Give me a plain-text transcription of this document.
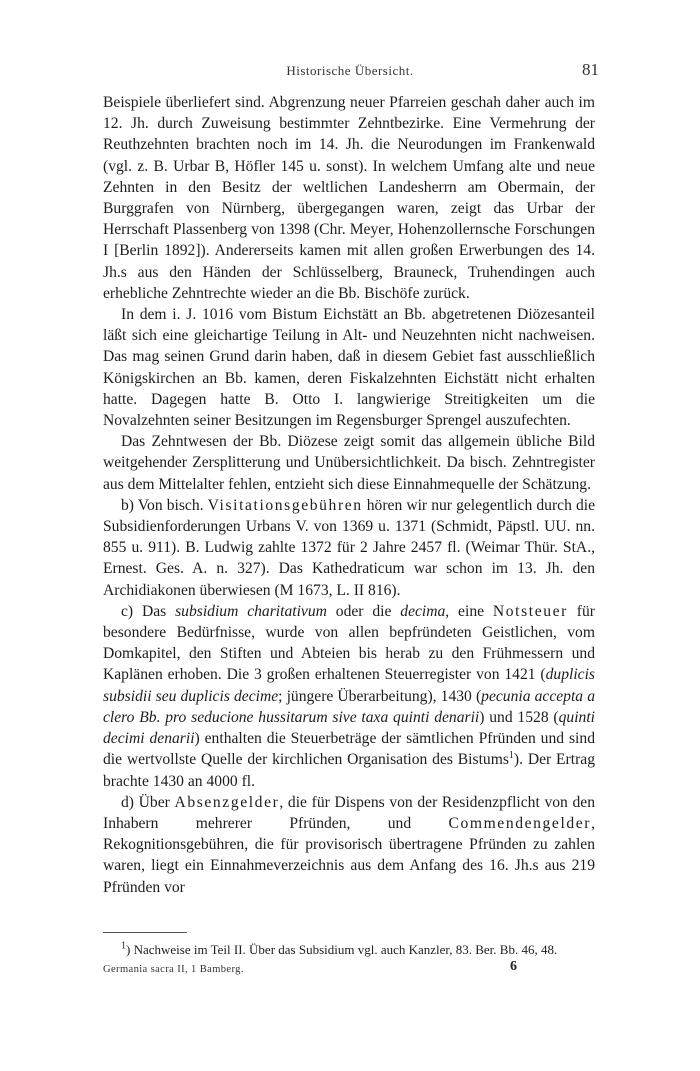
Historische Übersicht.	81

Beispiele überliefert sind. Abgrenzung neuer Pfarreien geschah daher auch im 12. Jh. durch Zuweisung bestimmter Zehntbezirke. Eine Vermehrung der Reuthzehnten brachten noch im 14. Jh. die Neurodungen im Frankenwald (vgl. z. B. Urbar B, Höfler 145 u. sonst). In welchem Umfang alte und neue Zehnten in den Besitz der weltlichen Landesherrn am Obermain, der Burggrafen von Nürnberg, übergegangen waren, zeigt das Urbar der Herrschaft Plassenberg von 1398 (Chr. Meyer, Hohenzollernsche Forschungen I [Berlin 1892]). Andererseits kamen mit allen großen Erwerbungen des 14. Jh.s aus den Händen der Schlüsselberg, Brauneck, Truhendingen auch erhebliche Zehntrechte wieder an die Bb. Bischöfe zurück.

In dem i. J. 1016 vom Bistum Eichstätt an Bb. abgetretenen Diözesanteil läßt sich eine gleichartige Teilung in Alt- und Neuzehnten nicht nachweisen. Das mag seinen Grund darin haben, daß in diesem Gebiet fast ausschließlich Königskirchen an Bb. kamen, deren Fiskalzehnten Eichstätt nicht erhalten hatte. Dagegen hatte B. Otto I. langwierige Streitigkeiten um die Novalzehnten seiner Besitzungen im Regensburger Sprengel auszufechten.

Das Zehntwesen der Bb. Diözese zeigt somit das allgemein übliche Bild weitgehender Zersplitterung und Unübersichtlichkeit. Da bisch. Zehntregister aus dem Mittelalter fehlen, entzieht sich diese Einnahmequelle der Schätzung.

b) Von bisch. Visitationsgebühren hören wir nur gelegentlich durch die Subsidienforderungen Urbans V. von 1369 u. 1371 (Schmidt, Päpstl. UU. nn. 855 u. 911). B. Ludwig zahlte 1372 für 2 Jahre 2457 fl. (Weimar Thür. StA., Ernest. Ges. A. n. 327). Das Kathedraticum war schon im 13. Jh. den Archidiakonen überwiesen (M 1673, L. II 816).

c) Das subsidium charitativum oder die decima, eine Notsteuer für besondere Bedürfnisse, wurde von allen bepfründeten Geistlichen, vom Domkapitel, den Stiften und Abteien bis herab zu den Frühmessern und Kaplänen erhoben. Die 3 großen erhaltenen Steuerregister von 1421 (duplicis subsidii seu duplicis decime; jüngere Überarbeitung), 1430 (pecunia accepta a clero Bb. pro seducione hussitarum sive taxa quinti denarii) und 1528 (quinti decimi denarii) enthalten die Steuerbeträge der sämtlichen Pfründen und sind die wertvollste Quelle der kirchlichen Organisation des Bistums$^1$). Der Ertrag brachte 1430 an 4000 fl.

d) Über Absenzgelder, die für Dispens von der Residenzpflicht von den Inhabern mehrerer Pfründen, und Commendengelder, Rekognitionsgebühren, die für provisorisch übertragene Pfründen zu zahlen waren, liegt ein Einnahmeverzeichnis aus dem Anfang des 16. Jh.s aus 219 Pfründen vor

$^1$) Nachweise im Teil II. Über das Subsidium vgl. auch Kanzler, 83. Ber. Bb. 46, 48.
Germania sacra II, 1 Bamberg.	6
